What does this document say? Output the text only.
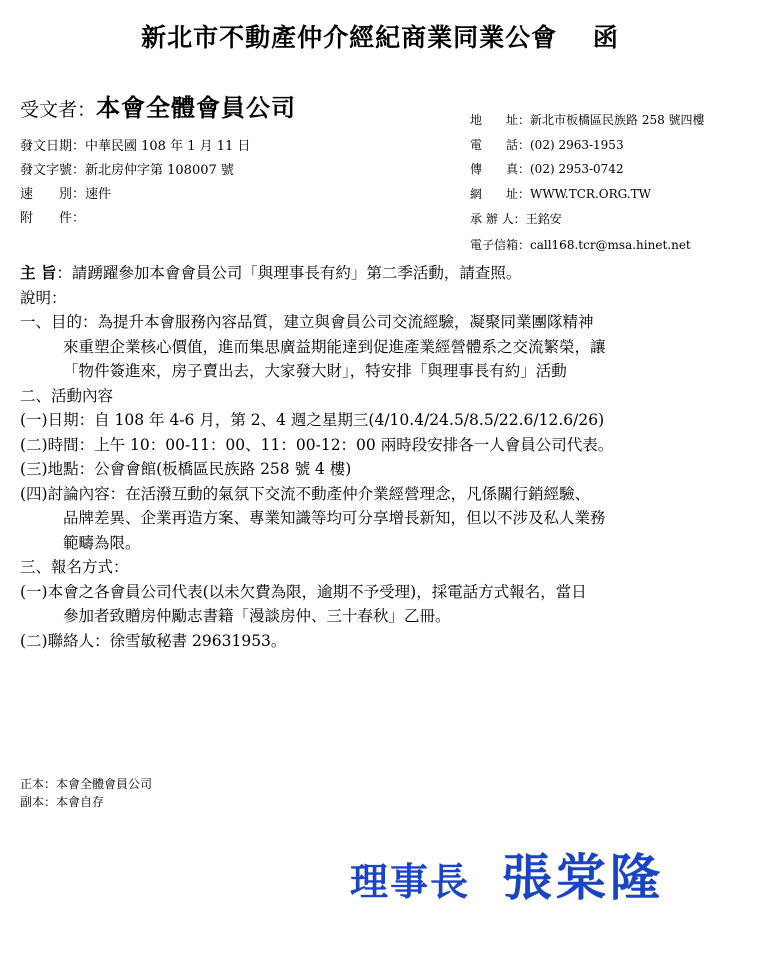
新北市不動產仲介經紀商業同業公會　 函
受文者：本會全體會員公司
發文日期：中華民國 108 年 1 月 11 日
發文字號：新北房仲字第 108007 號
速　　別：速件
附　　件：
地　　址：新北市板橋區民族路 258 號四樓
電　　話：(02) 2963-1953
傳　　真：(02) 2953-0742
網　　址：WWW.TCR.ORG.TW
承 辦 人：王銘安
電子信箱：call168.tcr@msa.hinet.net
主 旨：請踴躍參加本會會員公司「與理事長有約」第二季活動，請查照。
說明：
一、目的：為提升本會服務內容品質，建立與會員公司交流經驗，凝聚同業團隊精神
來重塑企業核心價值，進而集思廣益期能達到促進產業經營體系之交流繁榮，讓
「物件簽進來，房子賣出去，大家發大財」，特安排「與理事長有約」活動
二、活動內容
(一)日期：自 108 年 4-6 月，第 2、4 週之星期三(4/10.4/24.5/8.5/22.6/12.6/26)
(二)時間：上午 10：00-11：00、11：00-12：00 兩時段安排各一人會員公司代表。
(三)地點：公會會館(板橋區民族路 258 號 4 樓)
(四)討論內容：在活潑互動的氣氛下交流不動產仲介業經營理念，凡係關行銷經驗、
品牌差異、企業再造方案、專業知識等均可分享增長新知，但以不涉及私人業務
範疇為限。
三、報名方式：
(一)本會之各會員公司代表(以未欠費為限，逾期不予受理)，採電話方式報名，當日
參加者致贈房仲勵志書籍「漫談房仲、三十春秋」乙冊。
(二)聯絡人：徐雪敏秘書 29631953。
正本：本會全體會員公司
副本：本會自存
理事長 張棠隆
